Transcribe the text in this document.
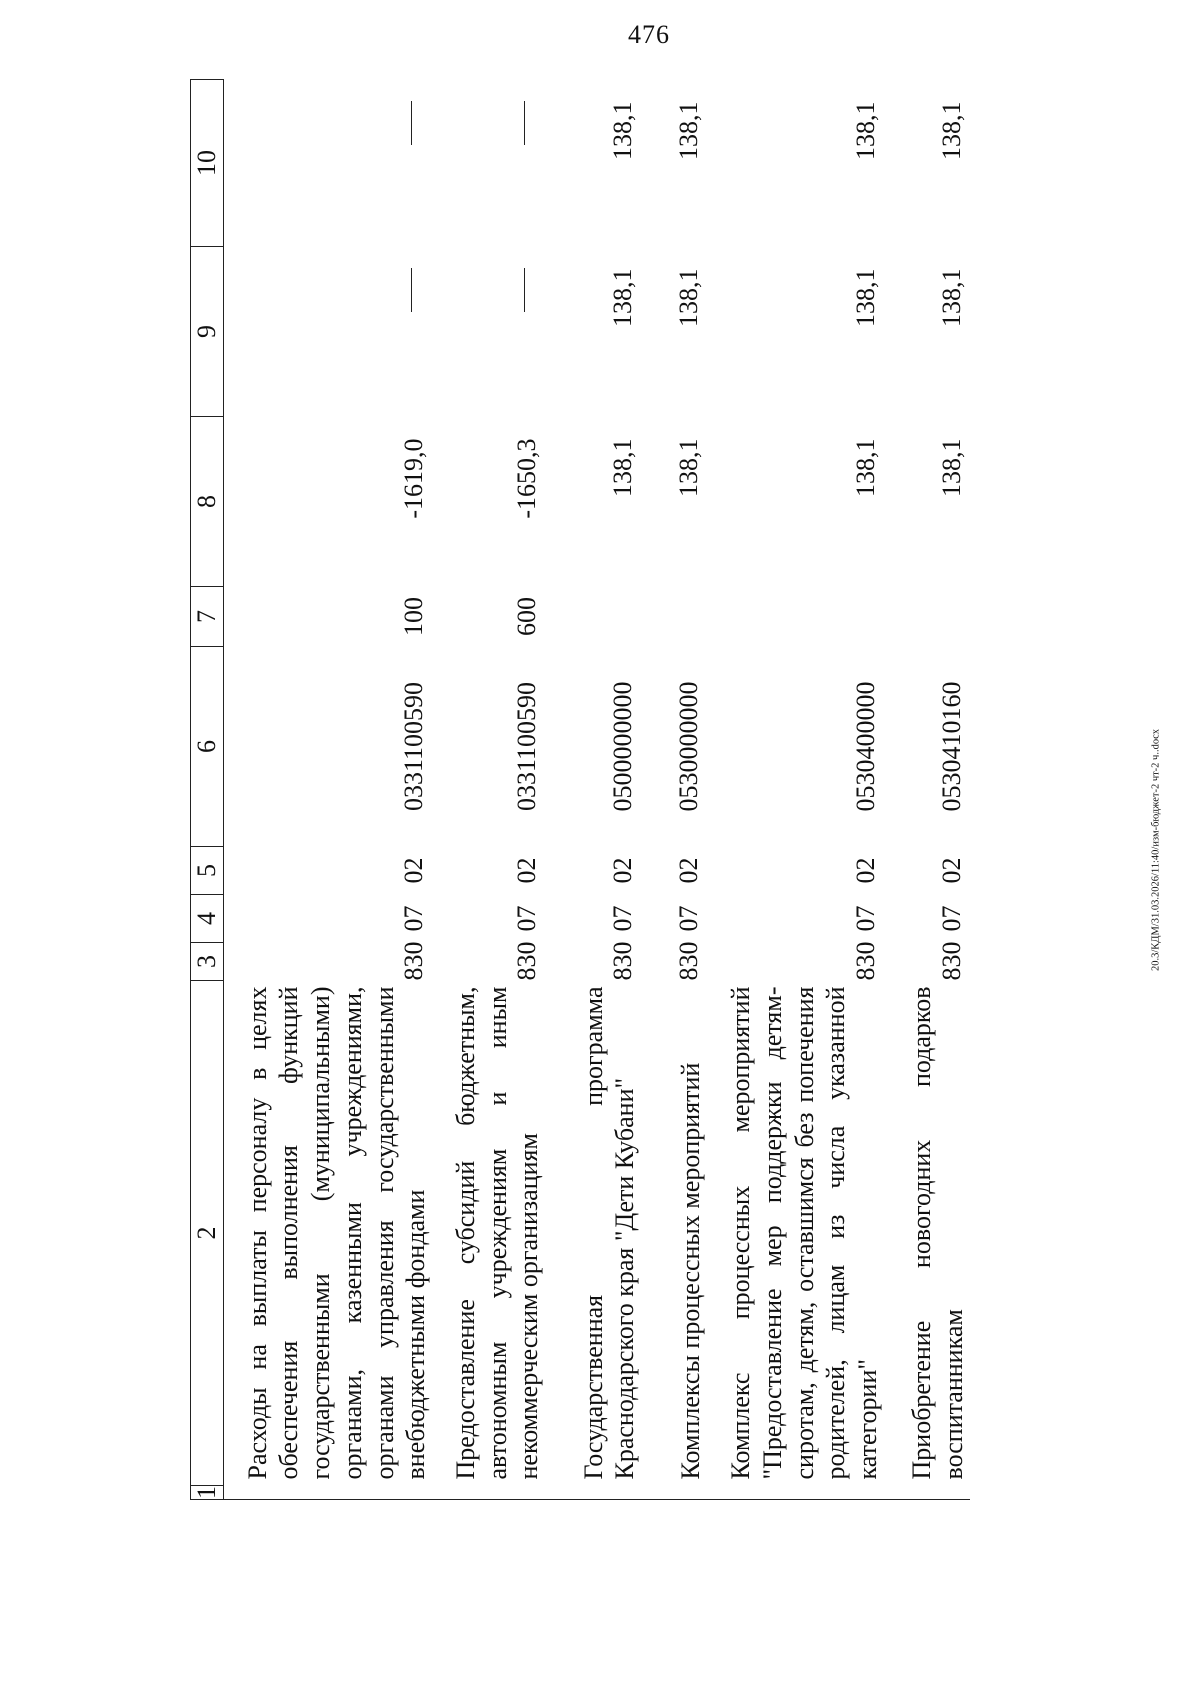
476
20.3/КДМ/31.03.2026/11:40/изм-бюджет-2 чт-2 ч..docx
1	2	3	4	5	6	7	8	9	10
	Расходы на выплаты персоналу в целях обеспечения выполнения функций государственными (муниципальными) органами, казенными учреждениями, органами управления государственными внебюджетными фондами	830	07	02	0331100590	100	-1619,0		
	Предоставление субсидий бюджетным, автономным учреждениям и иным некоммерческим организациям	830	07	02	0331100590	600	-1650,3		
	Государственная программа Краснодарского края "Дети Кубани"	830	07	02	0500000000		138,1	138,1	138,1
	Комплексы процессных мероприятий	830	07	02	0530000000		138,1	138,1	138,1
	Комплекс процессных мероприятий "Предоставление мер поддержки детям-сиротам, детям, оставшимся без попечения родителей, лицам из числа указанной категории"	830	07	02	0530400000		138,1	138,1	138,1
	Приобретение новогодних подарков воспитанникам	830	07	02	0530410160		138,1	138,1	138,1
